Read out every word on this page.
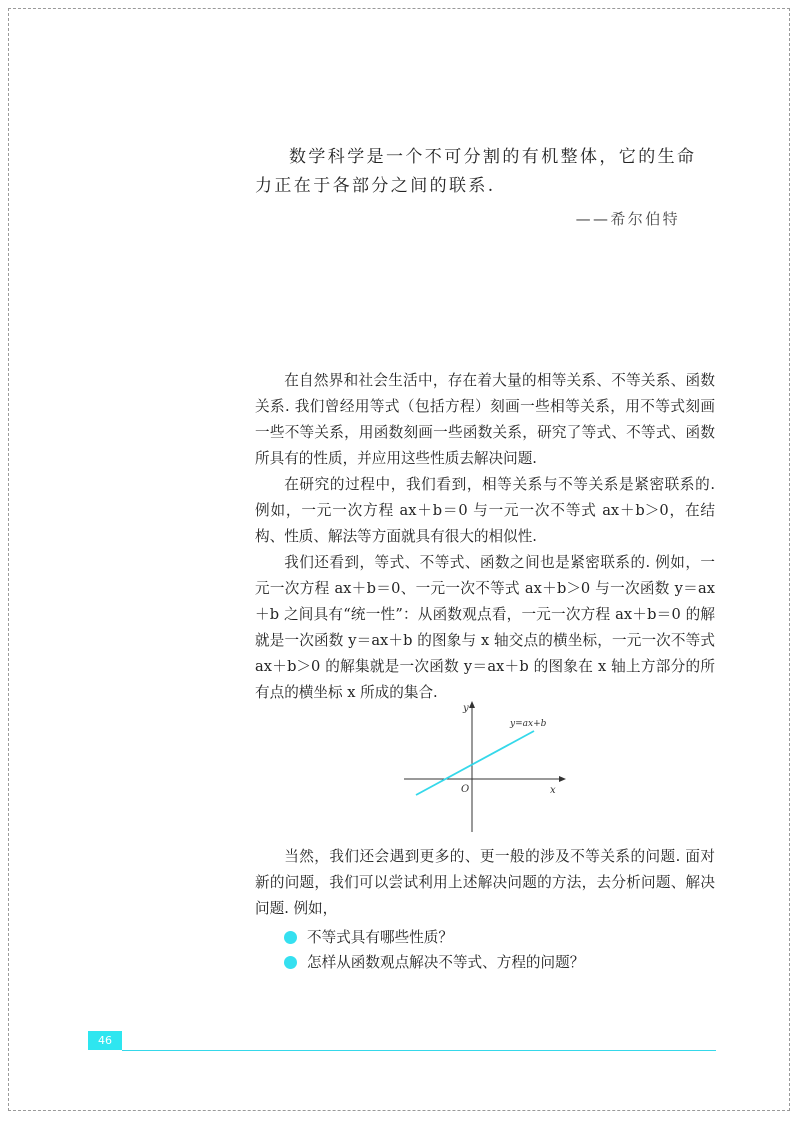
数学科学是一个不可分割的有机整体，它的生命力正在于各部分之间的联系.

——希尔伯特

在自然界和社会生活中，存在着大量的相等关系、不等关系、函数关系. 我们曾经用等式（包括方程）刻画一些相等关系，用不等式刻画一些不等关系，用函数刻画一些函数关系，研究了等式、不等式、函数所具有的性质，并应用这些性质去解决问题.

在研究的过程中，我们看到，相等关系与不等关系是紧密联系的. 例如，一元一次方程 ax＋b＝0 与一元一次不等式 ax＋b＞0，在结构、性质、解法等方面就具有很大的相似性.

我们还看到，等式、不等式、函数之间也是紧密联系的. 例如，一元一次方程 ax＋b＝0、一元一次不等式 ax＋b＞0 与一次函数 y＝ax＋b 之间具有“统一性”：从函数观点看，一元一次方程 ax＋b＝0 的解就是一次函数 y＝ax＋b 的图象与 x 轴交点的横坐标，一元一次不等式 ax＋b＞0 的解集就是一次函数 y＝ax＋b 的图象在 x 轴上方部分的所有点的横坐标 x 所成的集合.

y
x
O
y=ax+b

当然，我们还会遇到更多的、更一般的涉及不等关系的问题. 面对新的问题，我们可以尝试利用上述解决问题的方法，去分析问题、解决问题. 例如，

不等式具有哪些性质？
怎样从函数观点解决不等式、方程的问题？
46
